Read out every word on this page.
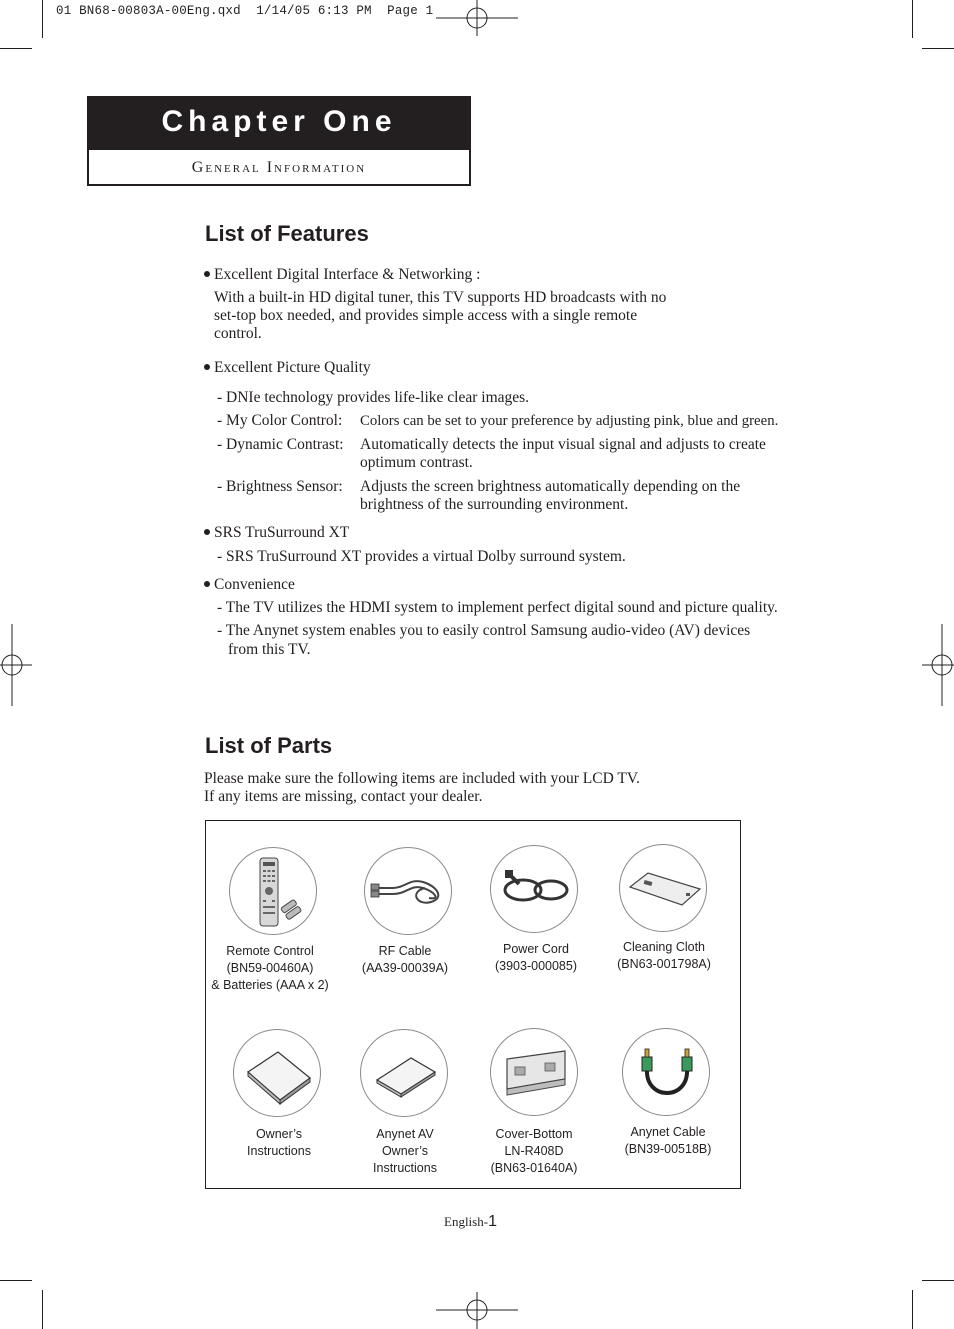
01 BN68-00803A-00Eng.qxd  1/14/05 6:13 PM  Page 1
Chapter One
General Information
List of Features
Excellent Digital Interface & Networking :
With a built-in HD digital tuner, this TV supports HD broadcasts with no
set-top box needed, and provides simple access with a single remote
control.
Excellent Picture Quality
- DNIe technology provides life-like clear images.
- My Color Control: Colors can be set to your preference by adjusting pink, blue and green.
- Dynamic Contrast: Automatically detects the input visual signal and adjusts to create
optimum contrast.
- Brightness Sensor: Adjusts the screen brightness automatically depending on the
brightness of the surrounding environment.
SRS TruSurround XT
- SRS TruSurround XT provides a virtual Dolby surround system.
Convenience
- The TV utilizes the HDMI system to implement perfect digital sound and picture quality.
- The Anynet system enables you to easily control Samsung audio-video (AV) devices
from this TV.
List of Parts
Please make sure the following items are included with your LCD TV.
If any items are missing, contact your dealer.
Remote Control
(BN59-00460A)
& Batteries (AAA x 2)
RF Cable
(AA39-00039A)
Power Cord
(3903-000085)
Cleaning Cloth
(BN63-001798A)
Owner’s
Instructions
Anynet AV
Owner’s
Instructions
Cover-Bottom
LN-R408D
(BN63-01640A)
Anynet Cable
(BN39-00518B)
English-1
